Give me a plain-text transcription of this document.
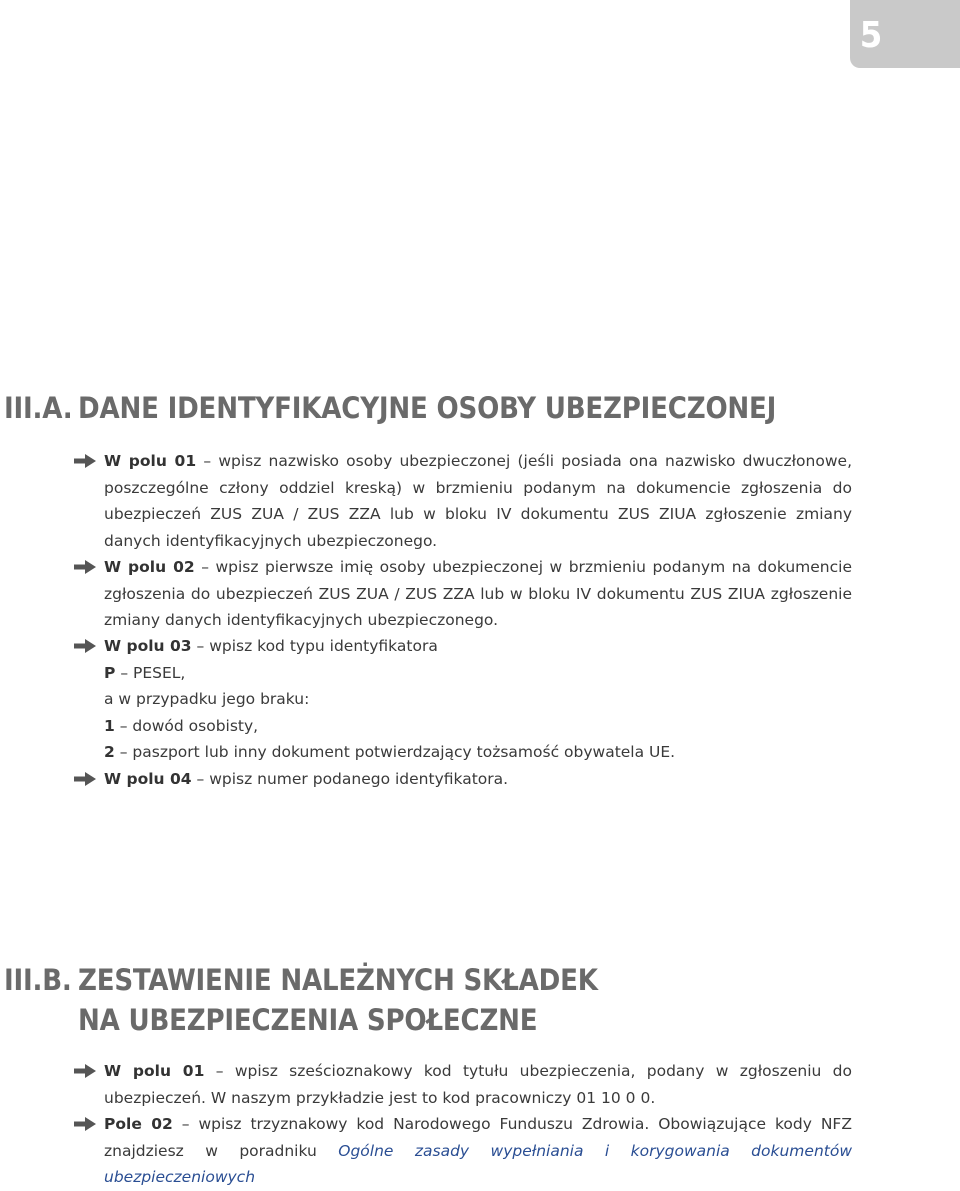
5
III.A. DANE IDENTYFIKACYJNE OSOBY UBEZPIECZONEJ

W polu 01 – wpisz nazwisko osoby ubezpieczonej (jeśli posiada ona nazwisko dwuczłonowe, poszczególne człony oddziel kreską) w brzmieniu podanym na dokumencie zgłoszenia do ubezpieczeń ZUS ZUA / ZUS ZZA lub w bloku IV dokumentu ZUS ZIUA zgłoszenie zmiany danych identyfikacyjnych ubezpieczonego.

W polu 02 – wpisz pierwsze imię osoby ubezpieczonej w brzmieniu podanym na dokumencie zgłoszenia do ubezpieczeń ZUS ZUA / ZUS ZZA lub w bloku IV dokumentu ZUS ZIUA zgłoszenie zmiany danych identyfikacyjnych ubezpieczonego.

W polu 03 – wpisz kod typu identyfikatora

P – PESEL,

a w przypadku jego braku:

1 – dowód osobisty,

2 – paszport lub inny dokument potwierdzający tożsamość obywatela UE.

W polu 04 – wpisz numer podanego identyfikatora.

III.B. ZESTAWIENIE NALEŻNYCH SKŁADEK
NA UBEZPIECZENIA SPOŁECZNE

W polu 01 – wpisz sześcioznakowy kod tytułu ubezpieczenia, podany w zgłoszeniu do ubezpieczeń. W naszym przykładzie jest to kod pracowniczy 01 10 0 0.

Pole 02 – wpisz trzyznakowy kod Narodowego Funduszu Zdrowia. Obowiązujące kody NFZ znajdziesz w poradniku Ogólne zasady wypełniania i korygowania dokumentów ubezpieczeniowych
